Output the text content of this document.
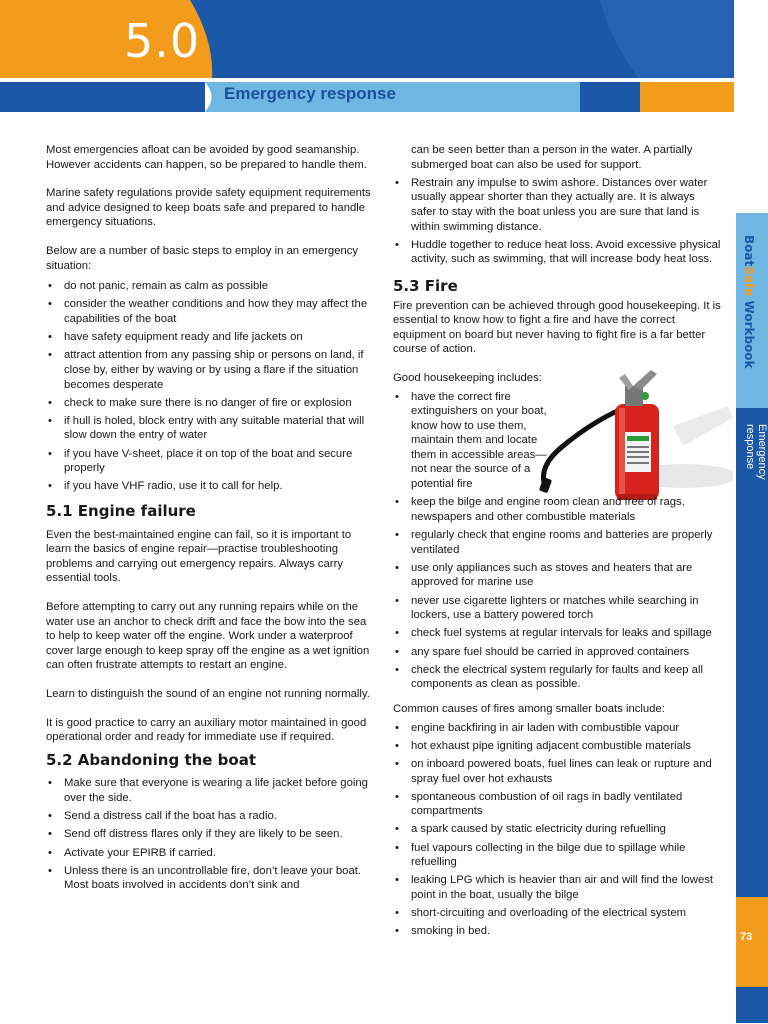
5.0
Emergency response
BoatSafe Workbook
Emergency response
73

Most emergencies afloat can be avoided by good seamanship. However accidents can happen, so be prepared to handle them.

Marine safety regulations provide safety equipment requirements and advice designed to keep boats safe and prepared to handle emergency situations.

Below are a number of basic steps to employ in an emergency situation:

• do not panic, remain as calm as possible
• consider the weather conditions and how they may affect the capabilities of the boat
• have safety equipment ready and life jackets on
• attract attention from any passing ship or persons on land, if close by, either by waving or by using a flare if the situation becomes desperate
• check to make sure there is no danger of fire or explosion
• if hull is holed, block entry with any suitable material that will slow down the entry of water
• if you have V-sheet, place it on top of the boat and secure properly
• if you have VHF radio, use it to call for help.
5.1 Engine failure

Even the best-maintained engine can fail, so it is important to learn the basics of engine repair—practise troubleshooting problems and carrying out emergency repairs. Always carry essential tools.

Before attempting to carry out any running repairs while on the water use an anchor to check drift and face the bow into the sea to help to keep water off the engine. Work under a waterproof cover large enough to keep spray off the engine as a wet ignition can often frustrate attempts to restart an engine.

Learn to distinguish the sound of an engine not running normally.

It is good practice to carry an auxiliary motor maintained in good operational order and ready for immediate use if required.

5.2 Abandoning the boat
• Make sure that everyone is wearing a life jacket before going over the side.
• Send a distress call if the boat has a radio.
• Send off distress flares only if they are likely to be seen.
• Activate your EPIRB if carried.
• Unless there is an uncontrollable fire, don’t leave your boat. Most boats involved in accidents don’t sink and
can be seen better than a person in the water. A partially submerged boat can also be used for support.
• Restrain any impulse to swim ashore. Distances over water usually appear shorter than they actually are. It is always safer to stay with the boat unless you are sure that land is within swimming distance.
• Huddle together to reduce heat loss. Avoid excessive physical activity, such as swimming, that will increase body heat loss.
5.3 Fire

Fire prevention can be achieved through good housekeeping. It is essential to know how to fight a fire and have the correct equipment on board but never having to fight fire is a far better course of action.

Good housekeeping includes:

• have the correct fire extinguishers on your boat, know how to use them, maintain them and locate them in accessible areas—not near the source of a potential fire
• keep the bilge and engine room clean and free of rags, newspapers and other combustible materials
• regularly check that engine rooms and batteries are properly ventilated
• use only appliances such as stoves and heaters that are approved for marine use
• never use cigarette lighters or matches while searching in lockers, use a battery powered torch
• check fuel systems at regular intervals for leaks and spillage
• any spare fuel should be carried in approved containers
• check the electrical system regularly for faults and keep all components as clean as possible.

Common causes of fires among smaller boats include:

• engine backfiring in air laden with combustible vapour
• hot exhaust pipe igniting adjacent combustible materials
• on inboard powered boats, fuel lines can leak or rupture and spray fuel over hot exhausts
• spontaneous combustion of oil rags in badly ventilated compartments
• a spark caused by static electricity during refuelling
• fuel vapours collecting in the bilge due to spillage while refuelling
• leaking LPG which is heavier than air and will find the lowest point in the boat, usually the bilge
• short-circuiting and overloading of the electrical system
• smoking in bed.
